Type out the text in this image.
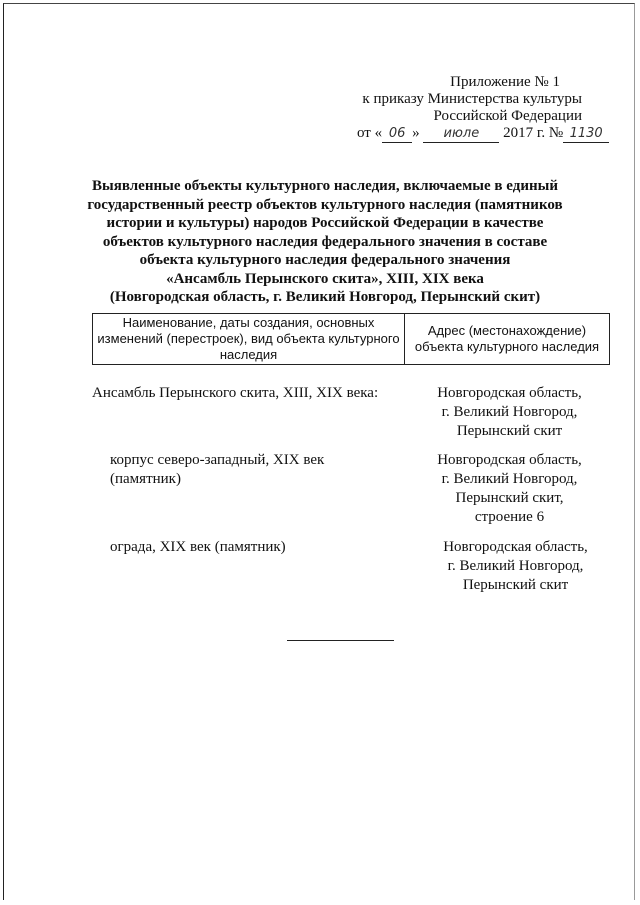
Приложение № 1
к приказу Министерства культуры
Российской Федерации
от « 06 » июле 2017 г. № 1130
Выявленные объекты культурного наследия, включаемые в единый
государственный реестр объектов культурного наследия (памятников
истории и культуры) народов Российской Федерации в качестве
объектов культурного наследия федерального значения в составе
объекта культурного наследия федерального значения
«Ансамбль Перынского скита», XIII, XIX века
(Новгородская область, г. Великий Новгород, Перынский скит)
Наименование, даты создания, основных
изменений (перестроек), вид объекта культурного
наследия
Адрес (местонахождение)
объекта культурного наследия
Ансамбль Перынского скита, XIII, XIX века:	Новгородская область,
г. Великий Новгород,
Перынский скит
корпус северо-западный, XIX век
(памятник)
Новгородская область,
г. Великий Новгород,
Перынский скит,
строение 6
ограда, XIX век (памятник)	Новгородская область,
г. Великий Новгород,
Перынский скит
